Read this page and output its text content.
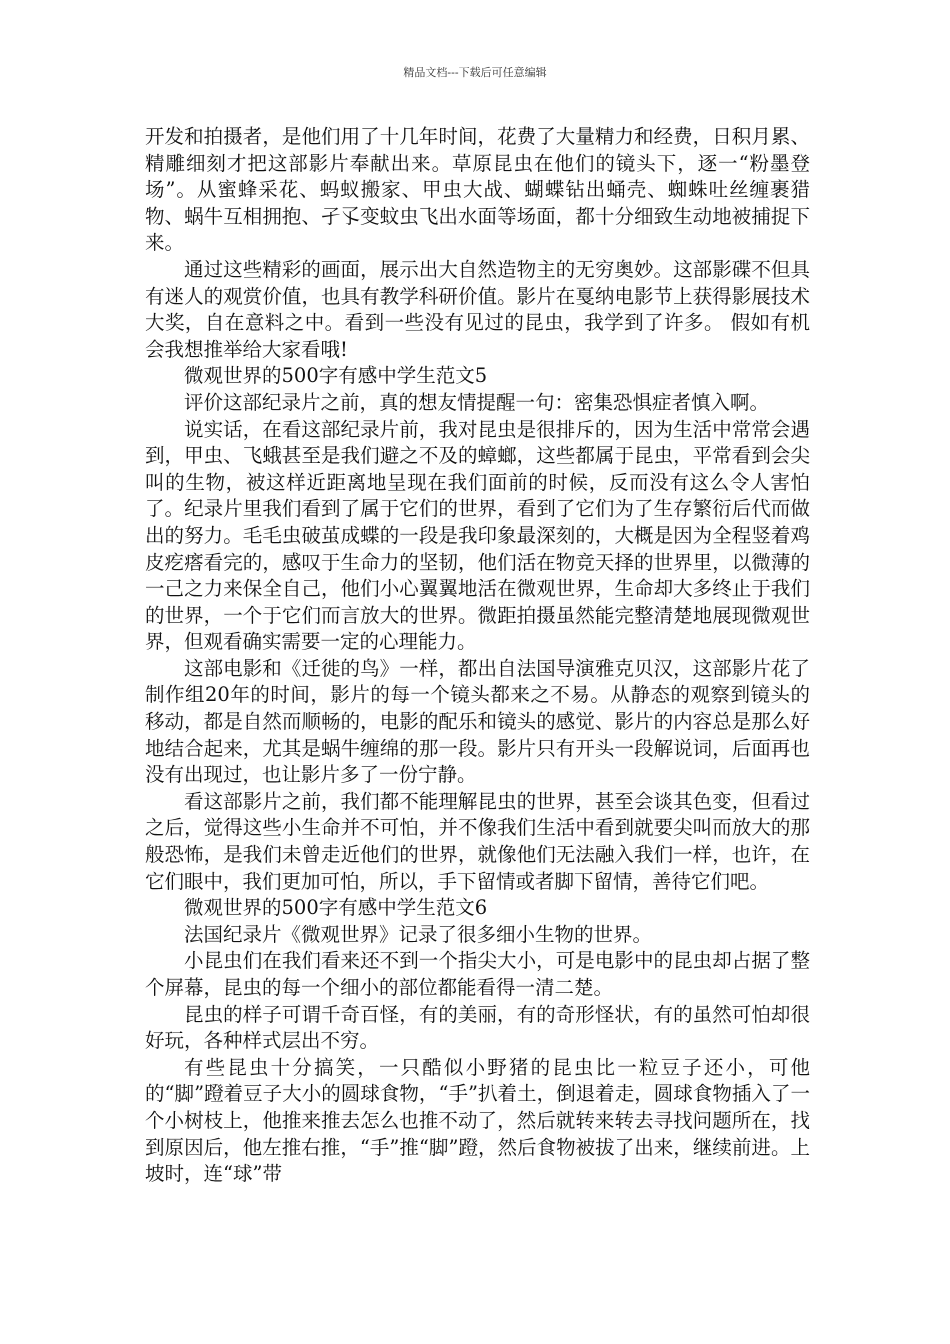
精品文档---下载后可任意编辑

开发和拍摄者，是他们用了十几年时间，花费了大量精力和经费，日积月累、精雕细刻才把这部影片奉献出来。草原昆虫在他们的镜头下，逐一“粉墨登场”。从蜜蜂采花、蚂蚁搬家、甲虫大战、蝴蝶钻出蛹壳、蜘蛛吐丝缠裹猎物、蜗牛互相拥抱、孑孓变蚊虫飞出水面等场面，都十分细致生动地被捕捉下来。

通过这些精彩的画面，展示出大自然造物主的无穷奥妙。这部影碟不但具有迷人的观赏价值，也具有教学科研价值。影片在戛纳电影节上获得影展技术大奖，自在意料之中。看到一些没有见过的昆虫，我学到了许多。 假如有机会我想推举给大家看哦!

微观世界的500字有感中学生范文5

评价这部纪录片之前，真的想友情提醒一句：密集恐惧症者慎入啊。

说实话，在看这部纪录片前，我对昆虫是很排斥的，因为生活中常常会遇到，甲虫、飞蛾甚至是我们避之不及的蟑螂，这些都属于昆虫，平常看到会尖叫的生物，被这样近距离地呈现在我们面前的时候，反而没有这么令人害怕了。纪录片里我们看到了属于它们的世界，看到了它们为了生存繁衍后代而做出的努力。毛毛虫破茧成蝶的一段是我印象最深刻的，大概是因为全程竖着鸡皮疙瘩看完的，感叹于生命力的坚韧，他们活在物竞天择的世界里，以微薄的一己之力来保全自己，他们小心翼翼地活在微观世界，生命却大多终止于我们的世界，一个于它们而言放大的世界。微距拍摄虽然能完整清楚地展现微观世界，但观看确实需要一定的心理能力。

这部电影和《迁徙的鸟》一样，都出自法国导演雅克贝汉，这部影片花了制作组20年的时间，影片的每一个镜头都来之不易。从静态的观察到镜头的移动，都是自然而顺畅的，电影的配乐和镜头的感觉、影片的内容总是那么好地结合起来，尤其是蜗牛缠绵的那一段。影片只有开头一段解说词，后面再也没有出现过，也让影片多了一份宁静。

看这部影片之前，我们都不能理解昆虫的世界，甚至会谈其色变，但看过之后，觉得这些小生命并不可怕，并不像我们生活中看到就要尖叫而放大的那般恐怖，是我们未曾走近他们的世界，就像他们无法融入我们一样，也许，在它们眼中，我们更加可怕，所以，手下留情或者脚下留情，善待它们吧。

微观世界的500字有感中学生范文6

法国纪录片《微观世界》记录了很多细小生物的世界。

小昆虫们在我们看来还不到一个指尖大小，可是电影中的昆虫却占据了整个屏幕，昆虫的每一个细小的部位都能看得一清二楚。

昆虫的样子可谓千奇百怪，有的美丽，有的奇形怪状，有的虽然可怕却很好玩，各种样式层出不穷。

有些昆虫十分搞笑，一只酷似小野猪的昆虫比一粒豆子还小，可他的“脚”蹬着豆子大小的圆球食物，“手”扒着土，倒退着走，圆球食物插入了一个小树枝上，他推来推去怎么也推不动了，然后就转来转去寻找问题所在，找到原因后，他左推右推，“手”推“脚”蹬，然后食物被拔了出来，继续前进。上坡时，连“球”带
